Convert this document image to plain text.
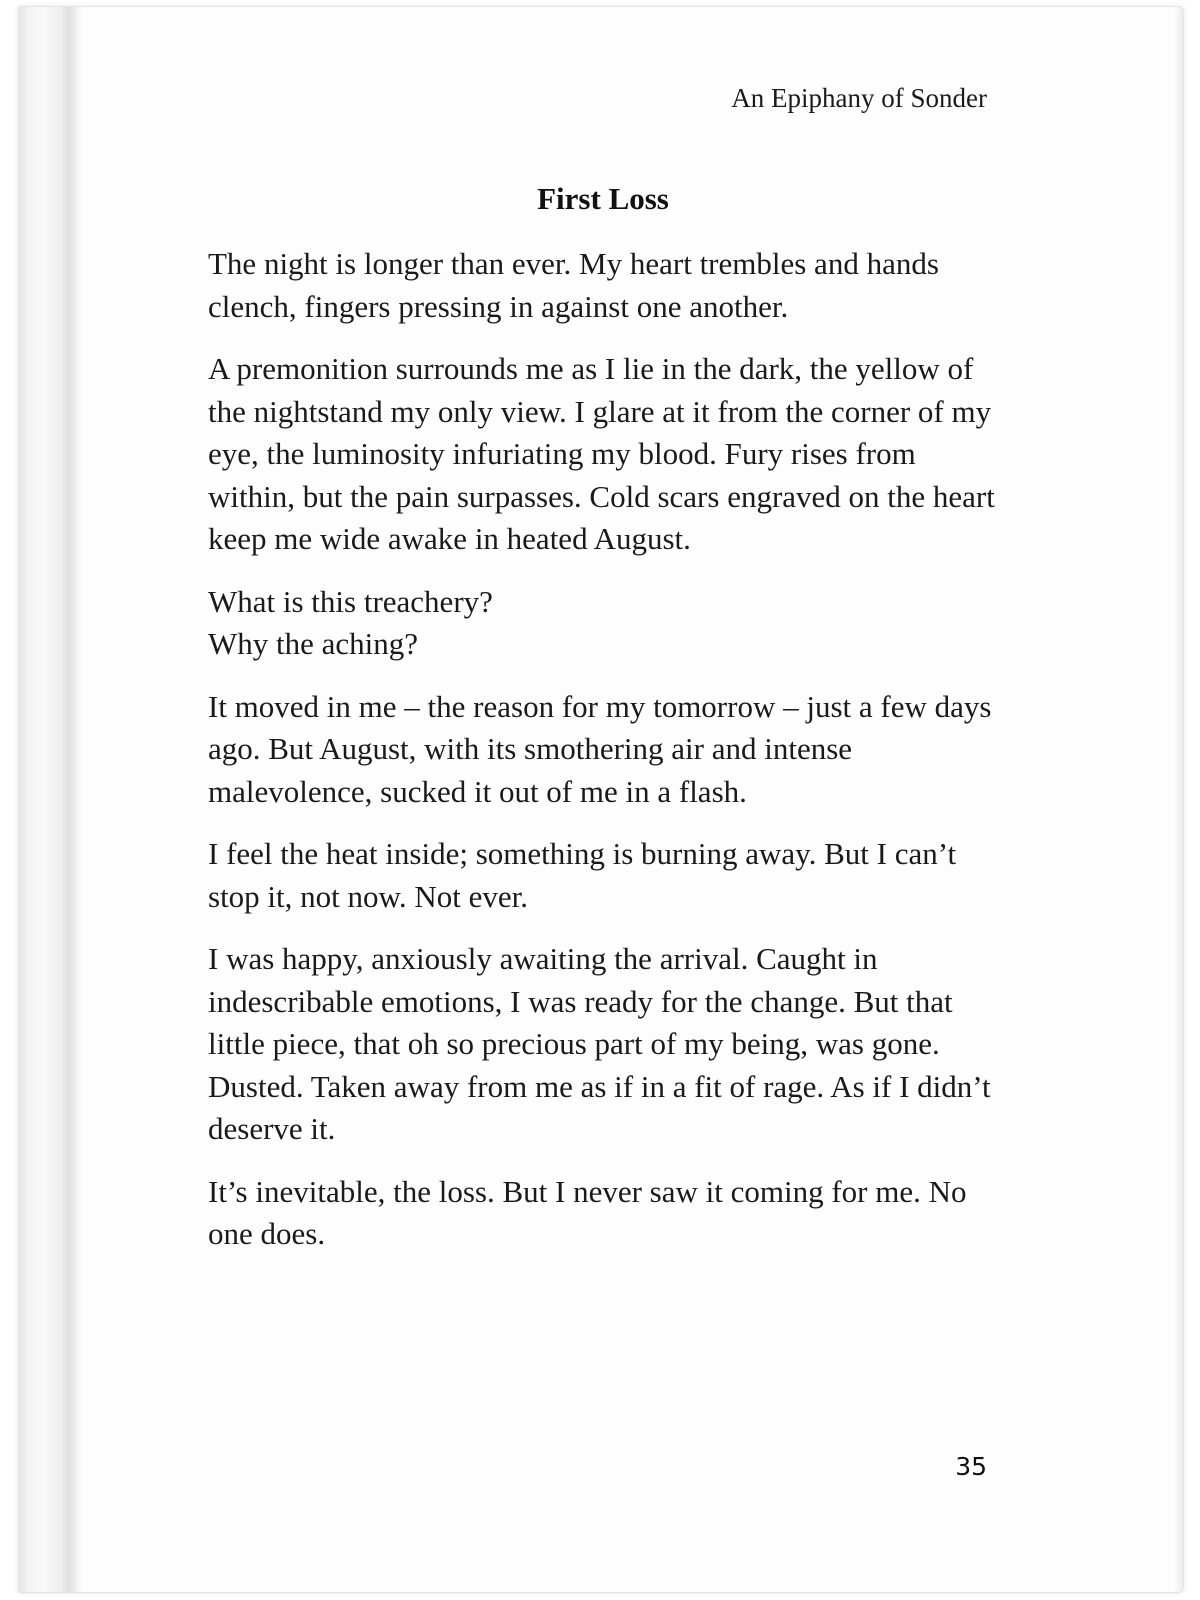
An Epiphany of Sonder
First Loss

The night is longer than ever. My heart trembles and hands clench, fingers pressing in against one another.

A premonition surrounds me as I lie in the dark, the yellow of the nightstand my only view. I glare at it from the corner of my eye, the luminosity infuriating my blood. Fury rises from within, but the pain surpasses. Cold scars engraved on the heart keep me wide awake in heated August.

What is this treachery?
Why the aching?

It moved in me – the reason for my tomorrow – just a few days ago. But August, with its smothering air and intense malevolence, sucked it out of me in a flash.

I feel the heat inside; something is burning away. But I can’t stop it, not now. Not ever.

I was happy, anxiously awaiting the arrival. Caught in indescribable emotions, I was ready for the change. But that little piece, that oh so precious part of my being, was gone. Dusted. Taken away from me as if in a fit of rage. As if I didn’t deserve it.

It’s inevitable, the loss. But I never saw it coming for me. No one does.

35
